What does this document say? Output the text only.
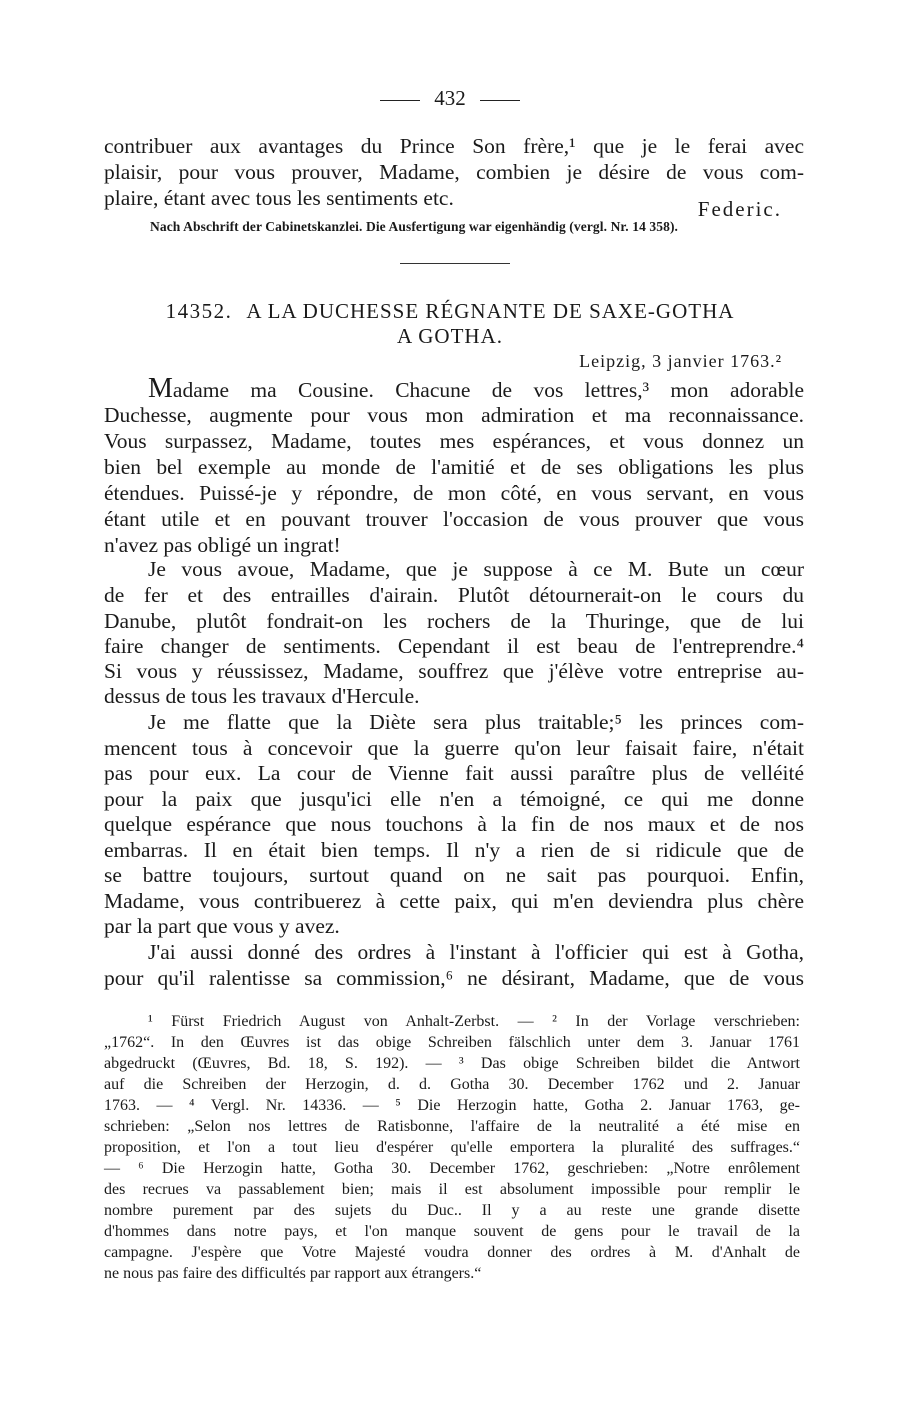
432
contribuer aux avantages du Prince Son frère,¹ que je le ferai avec
plaisir, pour vous prouver, Madame, combien je désire de vous com-
plaire, étant avec tous les sentiments etc.	Federic.
Nach Abschrift der Cabinetskanzlei. Die Ausfertigung war eigenhändig (vergl. Nr. 14 358).
14352. A LA DUCHESSE RÉGNANTE DE SAXE-GOTHA
A GOTHA.
Leipzig, 3 janvier 1763.²
Madame ma Cousine. Chacune de vos lettres,³ mon adorable
Duchesse, augmente pour vous mon admiration et ma reconnaissance.
Vous surpassez, Madame, toutes mes espérances, et vous donnez un
bien bel exemple au monde de l'amitié et de ses obligations les plus
étendues. Puissé-je y répondre, de mon côté, en vous servant, en vous
étant utile et en pouvant trouver l'occasion de vous prouver que vous
n'avez pas obligé un ingrat!
Je vous avoue, Madame, que je suppose à ce M. Bute un cœur
de fer et des entrailles d'airain. Plutôt détournerait-on le cours du
Danube, plutôt fondrait-on les rochers de la Thuringe, que de lui
faire changer de sentiments. Cependant il est beau de l'entreprendre.⁴
Si vous y réussissez, Madame, souffrez que j'élève votre entreprise au-
dessus de tous les travaux d'Hercule.
Je me flatte que la Diète sera plus traitable;⁵ les princes com-
mencent tous à concevoir que la guerre qu'on leur faisait faire, n'était
pas pour eux. La cour de Vienne fait aussi paraître plus de velléité
pour la paix que jusqu'ici elle n'en a témoigné, ce qui me donne
quelque espérance que nous touchons à la fin de nos maux et de nos
embarras. Il en était bien temps. Il n'y a rien de si ridicule que de
se battre toujours, surtout quand on ne sait pas pourquoi. Enfin,
Madame, vous contribuerez à cette paix, qui m'en deviendra plus chère
par la part que vous y avez.
J'ai aussi donné des ordres à l'instant à l'officier qui est à Gotha,
pour qu'il ralentisse sa commission,⁶ ne désirant, Madame, que de vous
¹ Fürst Friedrich August von Anhalt-Zerbst. — ² In der Vorlage verschrieben:
„1762“. In den Œuvres ist das obige Schreiben fälschlich unter dem 3. Januar 1761
abgedruckt (Œuvres, Bd. 18, S. 192). — ³ Das obige Schreiben bildet die Antwort
auf die Schreiben der Herzogin, d. d. Gotha 30. December 1762 und 2. Januar
1763. — ⁴ Vergl. Nr. 14336. — ⁵ Die Herzogin hatte, Gotha 2. Januar 1763, ge-
schrieben: „Selon nos lettres de Ratisbonne, l'affaire de la neutralité a été mise en
proposition, et l'on a tout lieu d'espérer qu'elle emportera la pluralité des suffrages.“
— ⁶ Die Herzogin hatte, Gotha 30. December 1762, geschrieben: „Notre enrôlement
des recrues va passablement bien; mais il est absolument impossible pour remplir le
nombre purement par des sujets du Duc.. Il y a au reste une grande disette
d'hommes dans notre pays, et l'on manque souvent de gens pour le travail de la
campagne. J'espère que Votre Majesté voudra donner des ordres à M. d'Anhalt de
ne nous pas faire des difficultés par rapport aux étrangers.“
